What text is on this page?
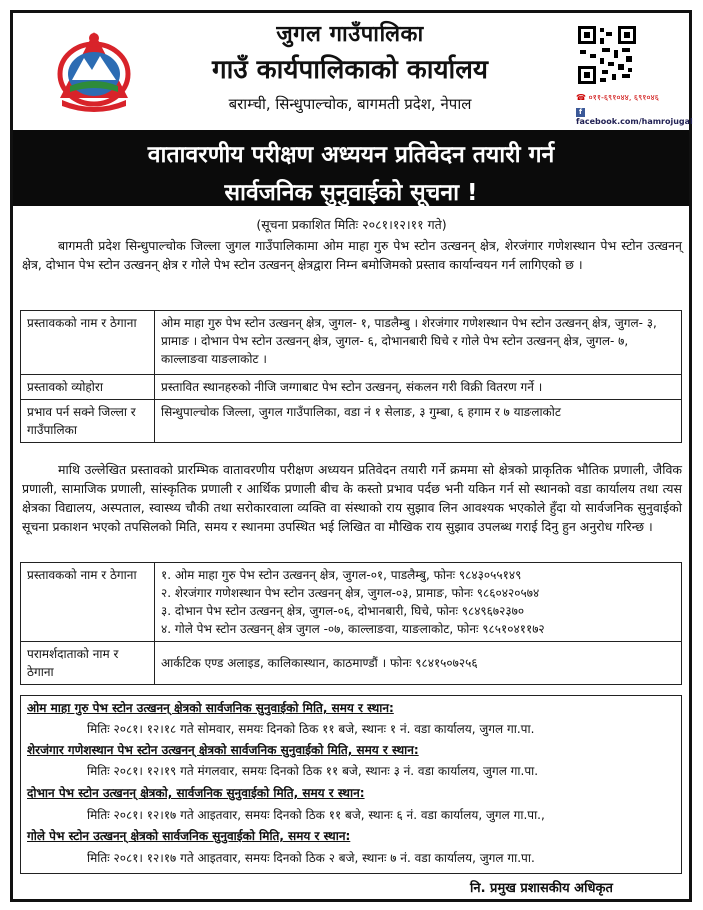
जुगल गाउँपालिका
गाउँ कार्यपालिकाको कार्यालय
बराम्ची, सिन्धुपाल्चोक, बागमती प्रदेश, नेपाल	☎ ०११-६९१०४४, ६९१०४६
ffacebook.com/hamrojugal
वातावरणीय परीक्षण अध्ययन प्रतिवेदन तयारी गर्न
सार्वजनिक सुनुवाईको सूचना !
(सूचना प्रकाशित मितिः २०८१।१२।११ गते)
बागमती प्रदेश सिन्धुपाल्चोक जिल्ला जुगल गाउँपालिकामा ओम माहा गुरु पेभ स्टोन उत्खनन् क्षेत्र, शेरजंगार गणेशस्थान पेभ स्टोन उत्खनन् क्षेत्र, दोभान पेभ स्टोन उत्खनन् क्षेत्र र गोले पेभ स्टोन उत्खनन् क्षेत्रद्वारा निम्न बमोजिमको प्रस्ताव कार्यान्वयन गर्न लागिएको छ ।
प्रस्तावकको नाम र ठेगाना	ओम माहा गुरु पेभ स्टोन उत्खनन् क्षेत्र, जुगल- १, पाडलैम्बु । शेरजंगार गणेशस्थान पेभ स्टोन उत्खनन् क्षेत्र, जुगल- ३, प्रामाङ । दोभान पेभ स्टोन उत्खनन् क्षेत्र, जुगल- ६, दोभानबारी घिचे र गोले पेभ स्टोन उत्खनन् क्षेत्र, जुगल- ७, काल्लाङवा याङलाकोट ।
प्रस्तावको व्योहोरा	प्रस्तावित स्थानहरुको नीजि जग्गाबाट पेभ स्टोन उत्खनन्, संकलन गरी विक्री वितरण गर्ने ।
प्रभाव पर्न सक्ने जिल्ला र गाउँपालिका	सिन्धुपाल्चोक जिल्ला, जुगल गाउँपालिका, वडा नं १ सेलाङ, ३ गुम्बा, ६ हगाम र ७ याङलाकोट
माथि उल्लेखित प्रस्तावको प्रारम्भिक वातावरणीय परीक्षण अध्ययन प्रतिवेदन तयारी गर्ने क्रममा सो क्षेत्रको प्राकृतिक भौतिक प्रणाली, जैविक प्रणाली, सामाजिक प्रणाली, सांस्कृतिक प्रणाली र आर्थिक प्रणाली बीच के कस्तो प्रभाव पर्दछ भनी यकिन गर्न सो स्थानको वडा कार्यालय तथा त्यस क्षेत्रका विद्यालय, अस्पताल, स्वास्थ्य चौकी तथा सरोकारवाला व्यक्ति वा संस्थाको राय सुझाव लिन आवश्यक भएकोले हुँदा यो सार्वजनिक सुनुवाईको सूचना प्रकाशन भएको तपसिलको मिति, समय र स्थानमा उपस्थित भई लिखित वा मौखिक राय सुझाव उपलब्ध गराई दिनु हुन अनुरोध गरिन्छ ।
प्रस्तावकको नाम र ठेगाना	१. ओम माहा गुरु पेभ स्टोन उत्खनन् क्षेत्र, जुगल-०१, पाडलैम्बु, फोनः ९८४३०५५१४९
२. शेरजंगार गणेशस्थान पेभ स्टोन उत्खनन् क्षेत्र, जुगल-०३, प्रामाङ, फोनः ९८६०४२०५७४
३. दोभान पेभ स्टोन उत्खनन् क्षेत्र, जुगल-०६, दोभानबारी, घिचे, फोनः ९८४९६७२३७०
४. गोले पेभ स्टोन उत्खनन् क्षेत्र जुगल -०७, काल्लाङवा, याङलाकोट, फोनः ९८५१०४११७२

परामर्शदाताको नाम र ठेगाना	आर्कटिक एण्ड अलाइड, कालिकास्थान, काठमाण्डौं । फोनः ९८४१५०७२५६
ओम माहा गुरु पेभ स्टोन उत्खनन् क्षेत्रको सार्वजनिक सुनुवाईको मिति, समय र स्थान:
मितिः २०८१। १२।१८ गते सोमवार, समयः दिनको ठिक ११ बजे, स्थानः १ नं. वडा कार्यालय, जुगल गा.पा.
शेरजंगार गणेशस्थान पेभ स्टोन उत्खनन् क्षेत्रको सार्वजनिक सुनुवाईको मिति, समय र स्थान:
मितिः २०८१। १२।१९ गते मंगलवार, समयः दिनको ठिक ११ बजे, स्थानः ३ नं. वडा कार्यालय, जुगल गा.पा.
दोभान पेभ स्टोन उत्खनन् क्षेत्रको, सार्वजनिक सुनुवाईको मिति, समय र स्थान:
मितिः २०८१। १२।१७ गते आइतवार, समयः दिनको ठिक ११ बजे, स्थानः ६ नं. वडा कार्यालय, जुगल गा.पा.,
गोले पेभ स्टोन उत्खनन् क्षेत्रको सार्वजनिक सुनुवाईको मिति, समय र स्थान:
मितिः २०८१। १२।१७ गते आइतवार, समयः दिनको ठिक २ बजे, स्थानः ७ नं. वडा कार्यालय, जुगल गा.पा.
नि. प्रमुख प्रशासकीय अधिकृत
